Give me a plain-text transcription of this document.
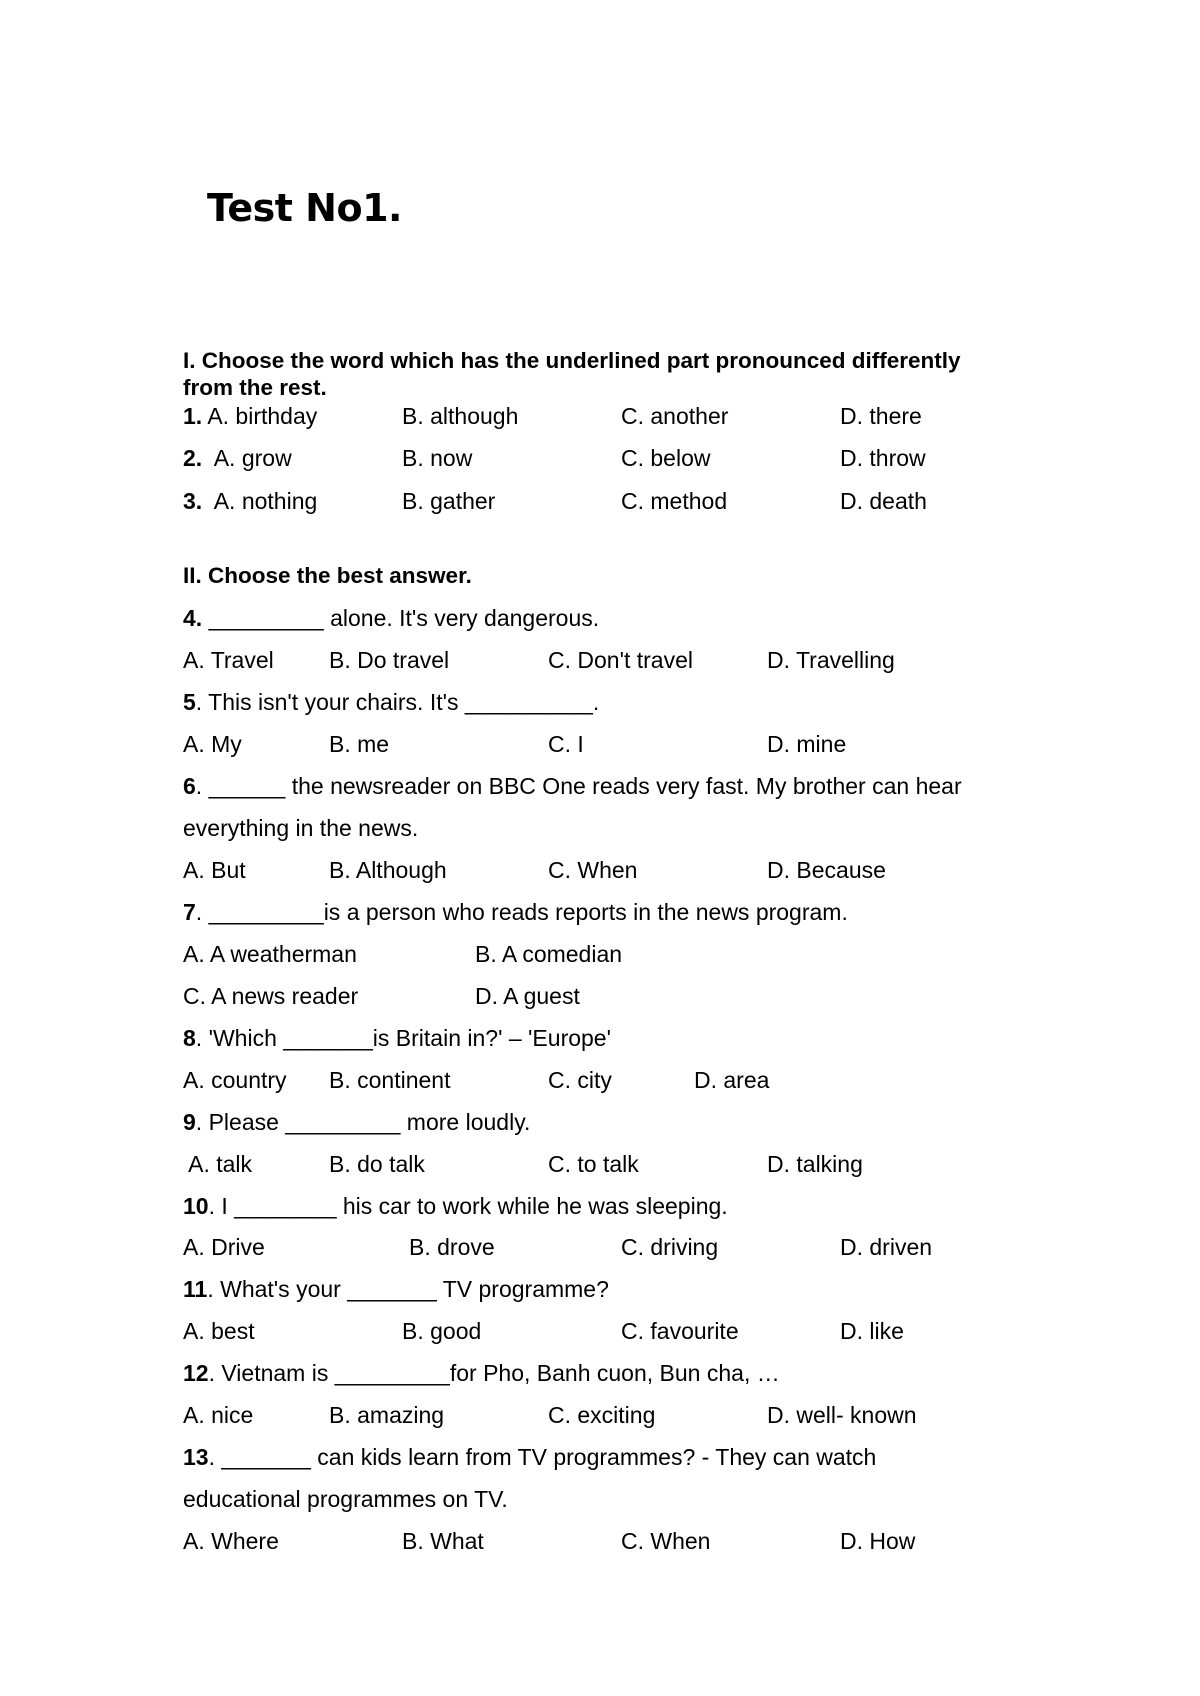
Test No1.
I. Choose the word which has the underlined part pronounced differently
from the rest.

1. A. birthday

	B. although

	C. another

	D. there

2. A. grow

	B. now

	C. below

	D. throw

3. A. nothing

	B. gather

	C. method

	D. death

II. Choose the best answer.
4. _________ alone. It's very dangerous.

A. Travel

B. Do travel

	C. Don't travel

	D. Travelling

5. This isn't your chairs. It's __________.

A. My

	B. me

	C. I

	D. mine

6. ______ the newsreader on BBC One reads very fast. My brother can hear
everything in the news.

A. But

	B. Although

	C. When

	D. Because

7. _________is a person who reads reports in the news program.

A. A weatherman

	B. A comedian

C. A news reader

	D. A guest

8. 'Which _______is Britain in?' – 'Europe'

A. country

B. continent

	C. city

	D. area

9. Please _________ more loudly.

A. talk

	B. do talk

	C. to talk

	D. talking

10. I ________ his car to work while he was sleeping.

A. Drive

	B. drove

	C. driving

	D. driven

11. What's your _______ TV programme?

A. best

	B. good

	C. favourite

	D. like

12. Vietnam is _________for Pho, Banh cuon, Bun cha, …

A. nice

	B. amazing

	C. exciting

	D. well- known

13. _______ can kids learn from TV programmes? - They can watch
educational programmes on TV.

A. Where

	B. What

	C. When

	D. How
